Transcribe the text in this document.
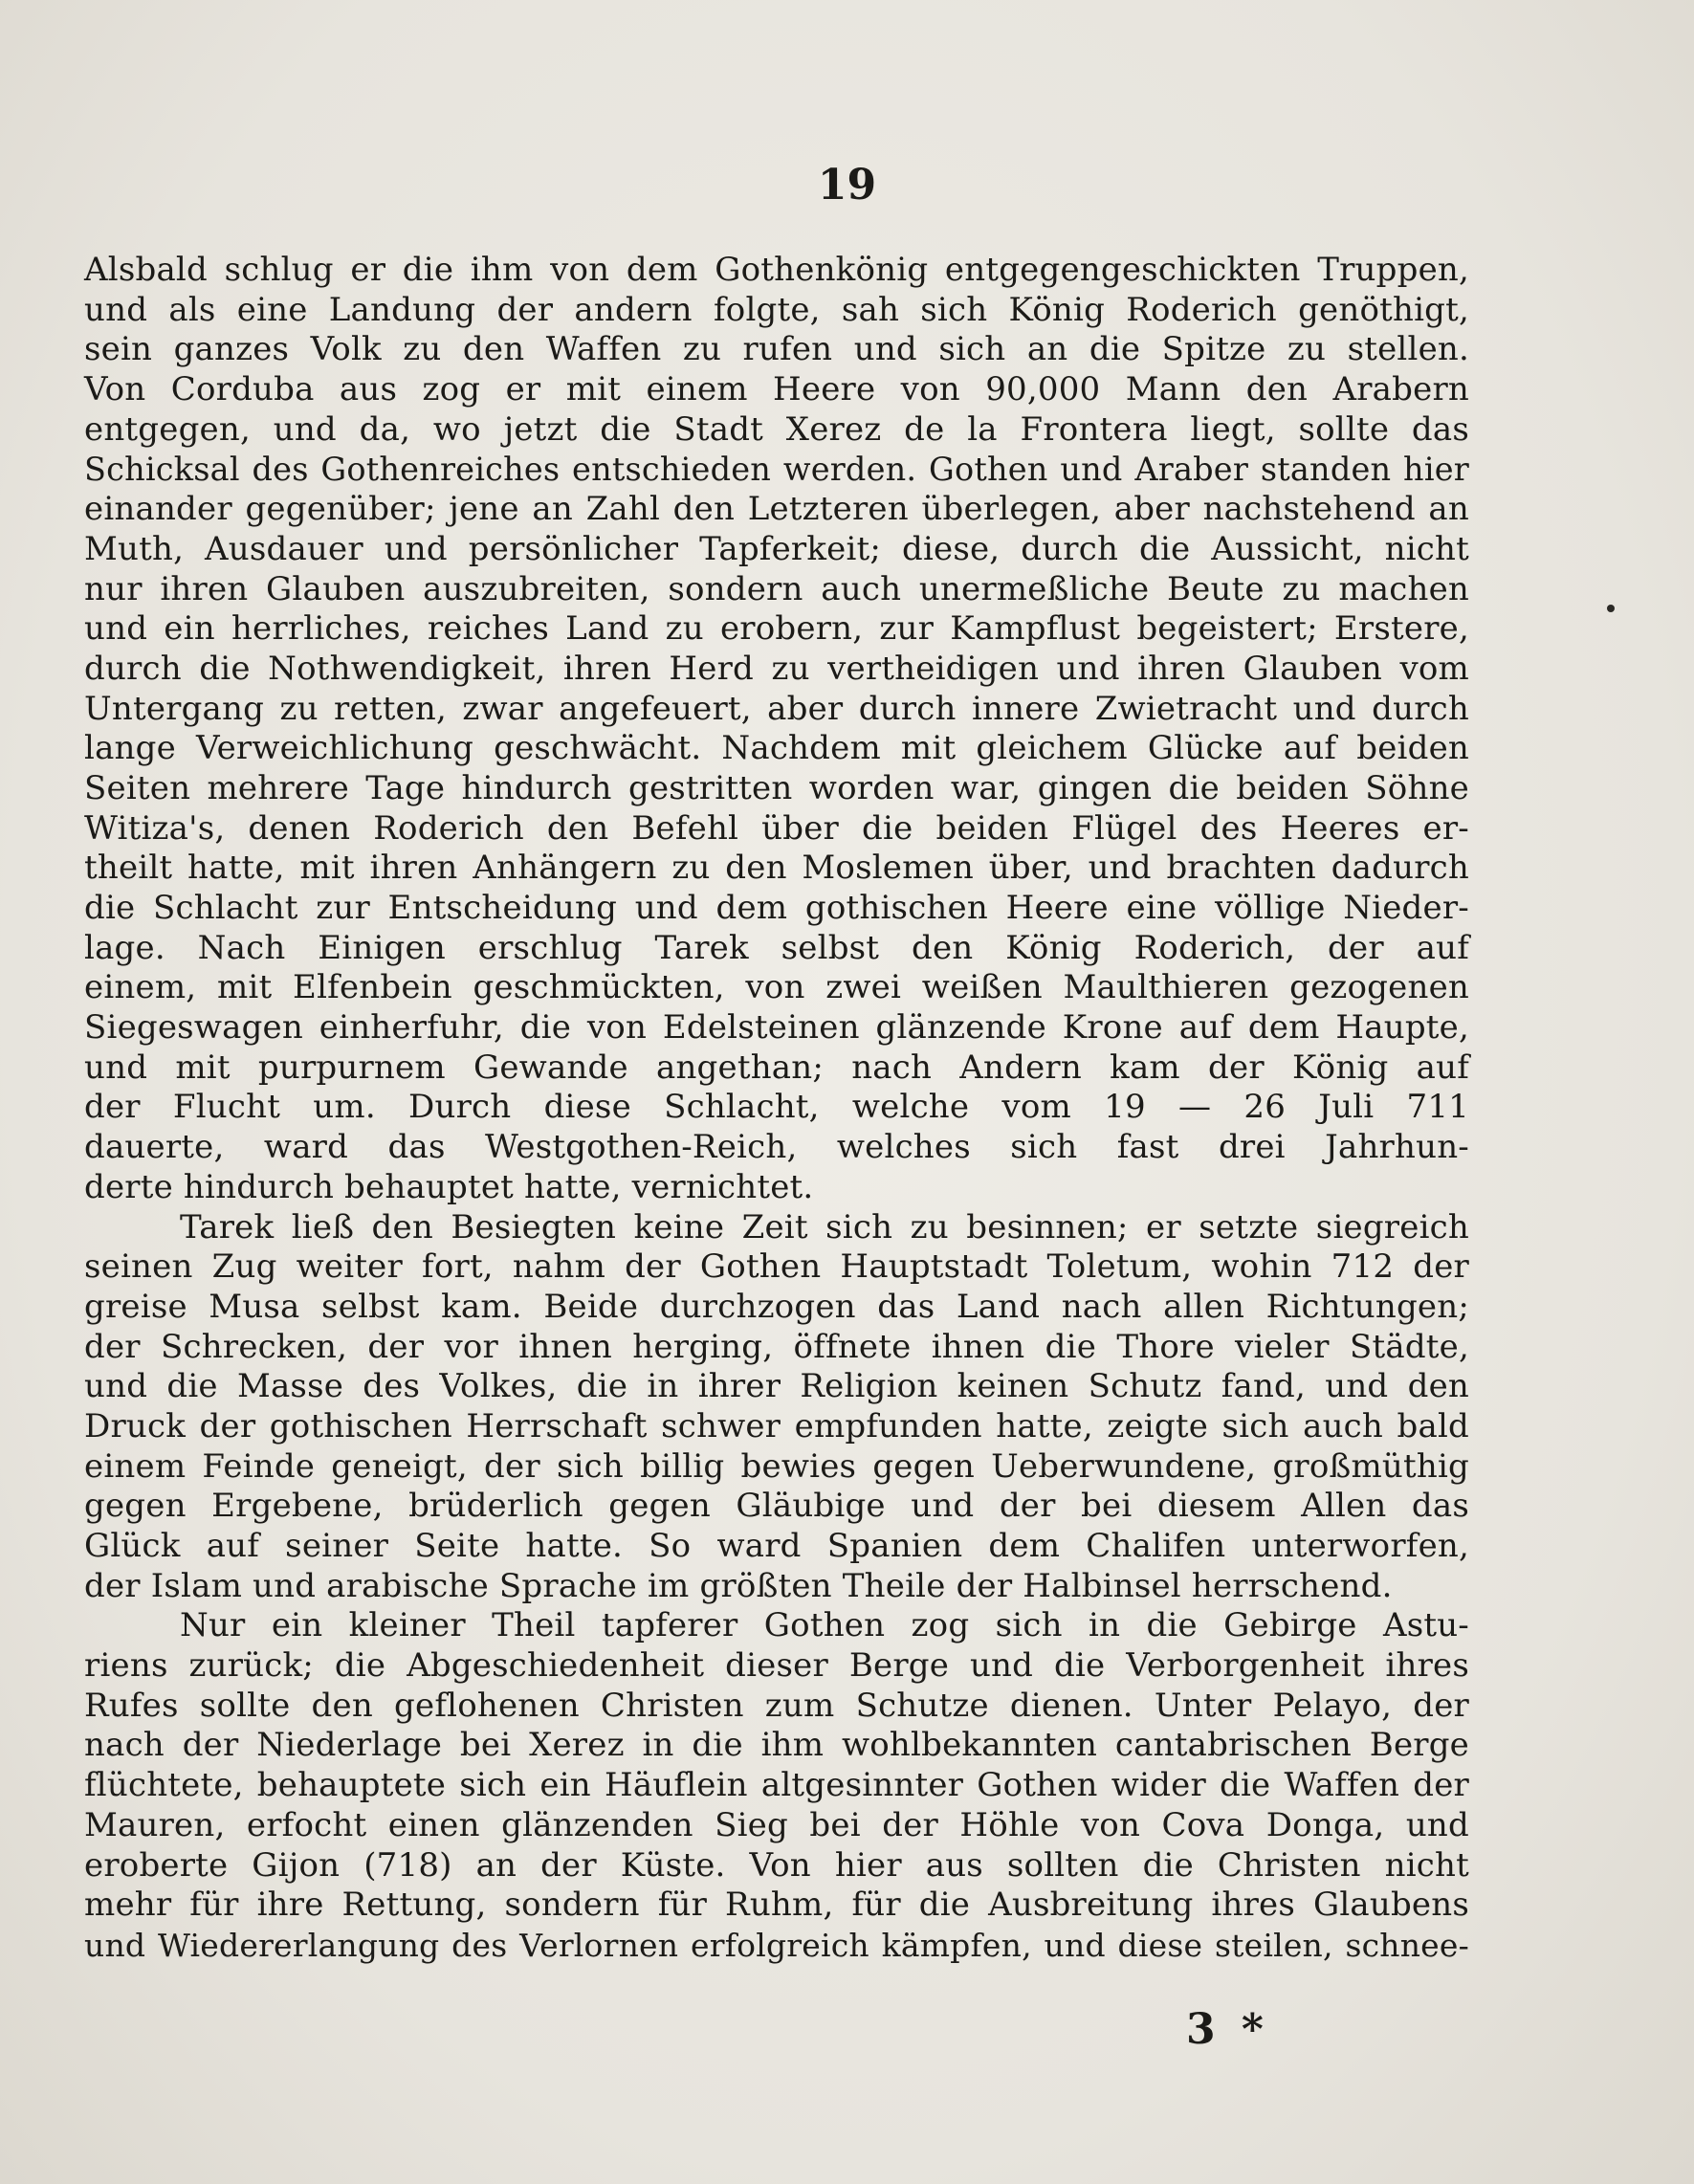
19
Alsbald schlug er die ihm von dem Gothenkönig entgegengeschickten Truppen,
und als eine Landung der andern folgte, sah sich König Roderich genöthigt,
sein ganzes Volk zu den Waffen zu rufen und sich an die Spitze zu stellen.
Von Corduba aus zog er mit einem Heere von 90,000 Mann den Arabern
entgegen, und da, wo jetzt die Stadt Xerez de la Frontera liegt, sollte das
Schicksal des Gothenreiches entschieden werden. Gothen und Araber standen hier
einander gegenüber; jene an Zahl den Letzteren überlegen, aber nachstehend an
Muth, Ausdauer und persönlicher Tapferkeit; diese, durch die Aussicht, nicht
nur ihren Glauben auszubreiten, sondern auch unermeßliche Beute zu machen
und ein herrliches, reiches Land zu erobern, zur Kampflust begeistert; Erstere,
durch die Nothwendigkeit, ihren Herd zu vertheidigen und ihren Glauben vom
Untergang zu retten, zwar angefeuert, aber durch innere Zwietracht und durch
lange Verweichlichung geschwächt. Nachdem mit gleichem Glücke auf beiden
Seiten mehrere Tage hindurch gestritten worden war, gingen die beiden Söhne
Witiza's, denen Roderich den Befehl über die beiden Flügel des Heeres er-
theilt hatte, mit ihren Anhängern zu den Moslemen über, und brachten dadurch
die Schlacht zur Entscheidung und dem gothischen Heere eine völlige Nieder-
lage. Nach Einigen erschlug Tarek selbst den König Roderich, der auf
einem, mit Elfenbein geschmückten, von zwei weißen Maulthieren gezogenen
Siegeswagen einherfuhr, die von Edelsteinen glänzende Krone auf dem Haupte,
und mit purpurnem Gewande angethan; nach Andern kam der König auf
der Flucht um. Durch diese Schlacht, welche vom 19 — 26 Juli 711
dauerte, ward das Westgothen-Reich, welches sich fast drei Jahrhun-
derte hindurch behauptet hatte, vernichtet.
Tarek ließ den Besiegten keine Zeit sich zu besinnen; er setzte siegreich
seinen Zug weiter fort, nahm der Gothen Hauptstadt Toletum, wohin 712 der
greise Musa selbst kam. Beide durchzogen das Land nach allen Richtungen;
der Schrecken, der vor ihnen herging, öffnete ihnen die Thore vieler Städte,
und die Masse des Volkes, die in ihrer Religion keinen Schutz fand, und den
Druck der gothischen Herrschaft schwer empfunden hatte, zeigte sich auch bald
einem Feinde geneigt, der sich billig bewies gegen Ueberwundene, großmüthig
gegen Ergebene, brüderlich gegen Gläubige und der bei diesem Allen das
Glück auf seiner Seite hatte. So ward Spanien dem Chalifen unterworfen,
der Islam und arabische Sprache im größten Theile der Halbinsel herrschend.
Nur ein kleiner Theil tapferer Gothen zog sich in die Gebirge Astu-
riens zurück; die Abgeschiedenheit dieser Berge und die Verborgenheit ihres
Rufes sollte den geflohenen Christen zum Schutze dienen. Unter Pelayo, der
nach der Niederlage bei Xerez in die ihm wohlbekannten cantabrischen Berge
flüchtete, behauptete sich ein Häuflein altgesinnter Gothen wider die Waffen der
Mauren, erfocht einen glänzenden Sieg bei der Höhle von Cova Donga, und
eroberte Gijon (718) an der Küste. Von hier aus sollten die Christen nicht
mehr für ihre Rettung, sondern für Ruhm, für die Ausbreitung ihres Glaubens
und Wiedererlangung des Verlornen erfolgreich kämpfen, und diese steilen, schnee-
3 *
